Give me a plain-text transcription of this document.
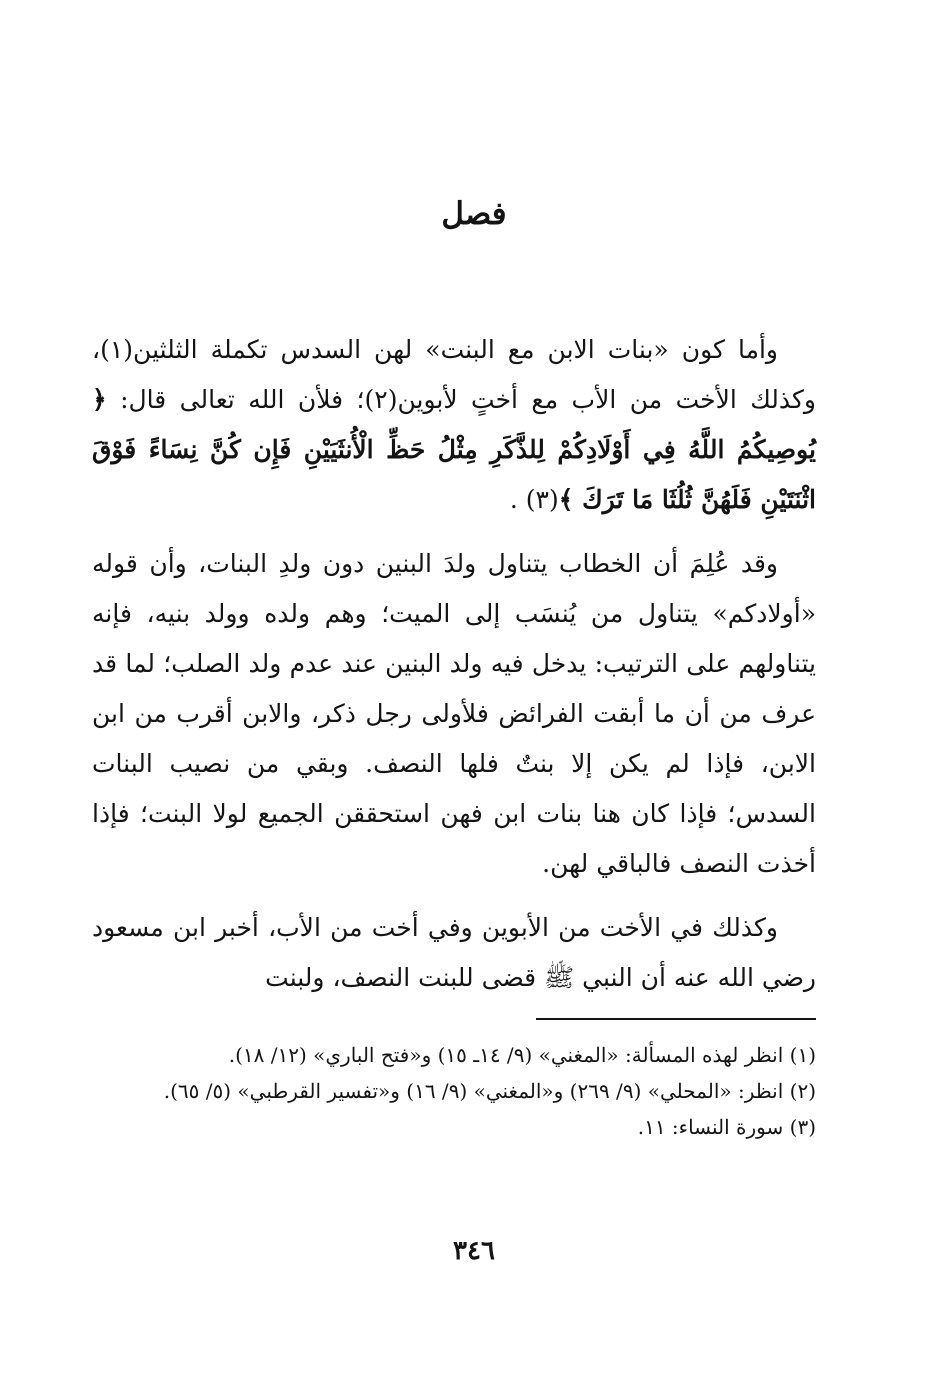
فصل

وأما كون «بنات الابن مع البنت» لهن السدس تكملة الثلثين(١)، وكذلك الأخت من الأب مع أختٍ لأبوين(٢)؛ فلأن الله تعالى قال: ﴿ يُوصِيكُمُ اللَّهُ فِي أَوْلَادِكُمْ لِلذَّكَرِ مِثْلُ حَظِّ الْأُنثَيَيْنِ فَإِن كُنَّ نِسَاءً فَوْقَ اثْنَتَيْنِ فَلَهُنَّ ثُلُثَا مَا تَرَكَ ﴾(٣) .

وقد عُلِمَ أن الخطاب يتناول ولدَ البنين دون ولدِ البنات، وأن قوله «أولادكم» يتناول من يُنسَب إلى الميت؛ وهم ولده وولد بنيه، فإنه يتناولهم على الترتيب: يدخل فيه ولد البنين عند عدم ولد الصلب؛ لما قد عرف من أن ما أبقت الفرائض فلأولى رجل ذكر، والابن أقرب من ابن الابن، فإذا لم يكن إلا بنتٌ فلها النصف. وبقي من نصيب البنات السدس؛ فإذا كان هنا بنات ابن فهن استحققن الجميع لولا البنت؛ فإذا أخذت النصف فالباقي لهن.

وكذلك في الأخت من الأبوين وفي أخت من الأب، أخبر ابن مسعود رضي الله عنه أن النبي ﷺ قضى للبنت النصف، ولبنت

(١) انظر لهذه المسألة: «المغني» (٩/ ١٤ـ ١٥) و«فتح الباري» (١٢/ ١٨).
(٢) انظر: «المحلي» (٩/ ٢٦٩) و«المغني» (٩/ ١٦) و«تفسير القرطبي» (٥/ ٦٥).
(٣) سورة النساء: ١١.
٣٤٦
